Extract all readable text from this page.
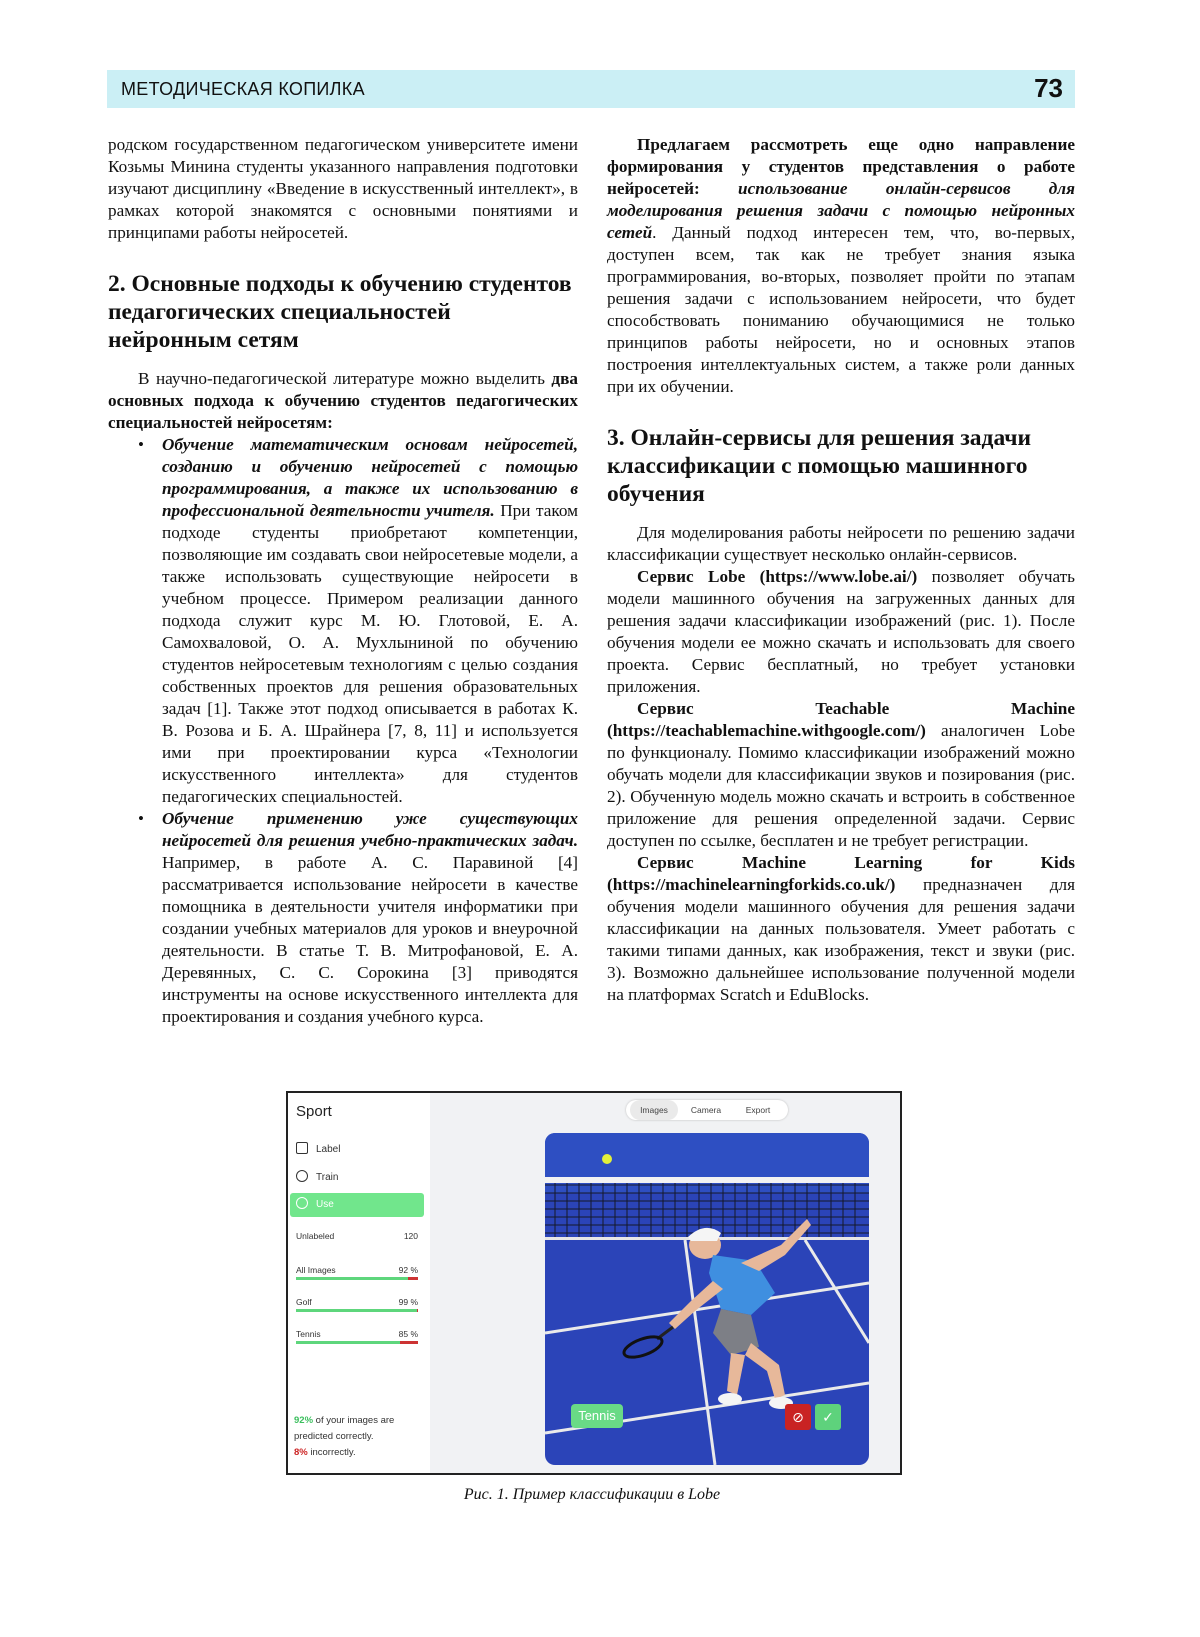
МЕТОДИЧЕСКАЯ КОПИЛКА	73

родском государственном педагогическом университете имени Козьмы Минина студенты указанного направления подготовки изучают дисциплину «Введение в искусственный интеллект», в рамках которой знакомятся с основными понятиями и принципами работы нейросетей.

2. Основные подходы к обучению студентов педагогических специальностей нейронным сетям

В научно-педагогической литературе можно выделить два основных подхода к обучению студентов педагогических специальностей нейросетям:

• Обучение математическим основам нейросетей, созданию и обучению нейросетей с помощью программирования, а также их использованию в профессиональной деятельности учителя. При таком подходе студенты приобретают компетенции, позволяющие им создавать свои нейросетевые модели, а также использовать существующие нейросети в учебном процессе. Примером реализации данного подхода служит курс М. Ю. Глотовой, Е. А. Самохваловой, О. А. Мухлыниной по обучению студентов нейросетевым технологиям с целью создания собственных проектов для решения образовательных задач [1]. Также этот подход описывается в работах К. В. Розова и Б. А. Шрайнера [7, 8, 11] и используется ими при проектировании курса «Технологии искусственного интеллекта» для студентов педагогических специальностей.
• Обучение применению уже существующих нейросетей для решения учебно-практических задач. Например, в работе А. С. Паравиной [4] рассматривается использование нейросети в качестве помощника в деятельности учителя информатики при создании учебных материалов для уроков и внеурочной деятельности. В статье Т. В. Митрофановой, Е. А. Деревянных, С. С. Сорокина [3] приводятся инструменты на основе искусственного интеллекта для проектирования и создания учебного курса.

Предлагаем рассмотреть еще одно направление формирования у студентов представления о работе нейросетей: использование онлайн-сервисов для моделирования решения задачи с помощью нейронных сетей. Данный подход интересен тем, что, во-первых, доступен всем, так как не требует знания языка программирования, во-вторых, позволяет пройти по этапам решения задачи с использованием нейросети, что будет способствовать пониманию обучающимися не только принципов работы нейросети, но и основных этапов построения интеллектуальных систем, а также роли данных при их обучении.

3. Онлайн-сервисы для решения задачи классификации с помощью машинного обучения

Для моделирования работы нейросети по решению задачи классификации существует несколько онлайн-сервисов.

Сервис Lobe (https://www.lobe.ai/) позволяет обучать модели машинного обучения на загруженных данных для решения задачи классификации изображений (рис. 1). После обучения модели ее можно скачать и использовать для своего проекта. Сервис бесплатный, но требует установки приложения.

Сервис Teachable Machine (https://teachablemachine.withgoogle.com/) аналогичен Lobe по функционалу. Помимо классификации изображений можно обучать модели для классификации звуков и позирования (рис. 2). Обученную модель можно скачать и встроить в собственное приложение для решения определенной задачи. Сервис доступен по ссылке, бесплатен и не требует регистрации.

Сервис Machine Learning for Kids (https://machinelearningforkids.co.uk/) предназначен для обучения модели машинного обучения для решения задачи классификации на данных пользователя. Умеет работать с такими типами данных, как изображения, текст и звуки (рис. 3). Возможно дальнейшее использование полученной модели на платформах Scratch и EduBlocks.

Sport
Label
Train
Use
Unlabeled	120
All Images	92 %
Golf	99 %
Tennis	85 %
92% of your images are
predicted correctly.
8% incorrectly.
Images	Camera	Export
Tennis	⊘	✓
Рис. 1. Пример классификации в Lobe
